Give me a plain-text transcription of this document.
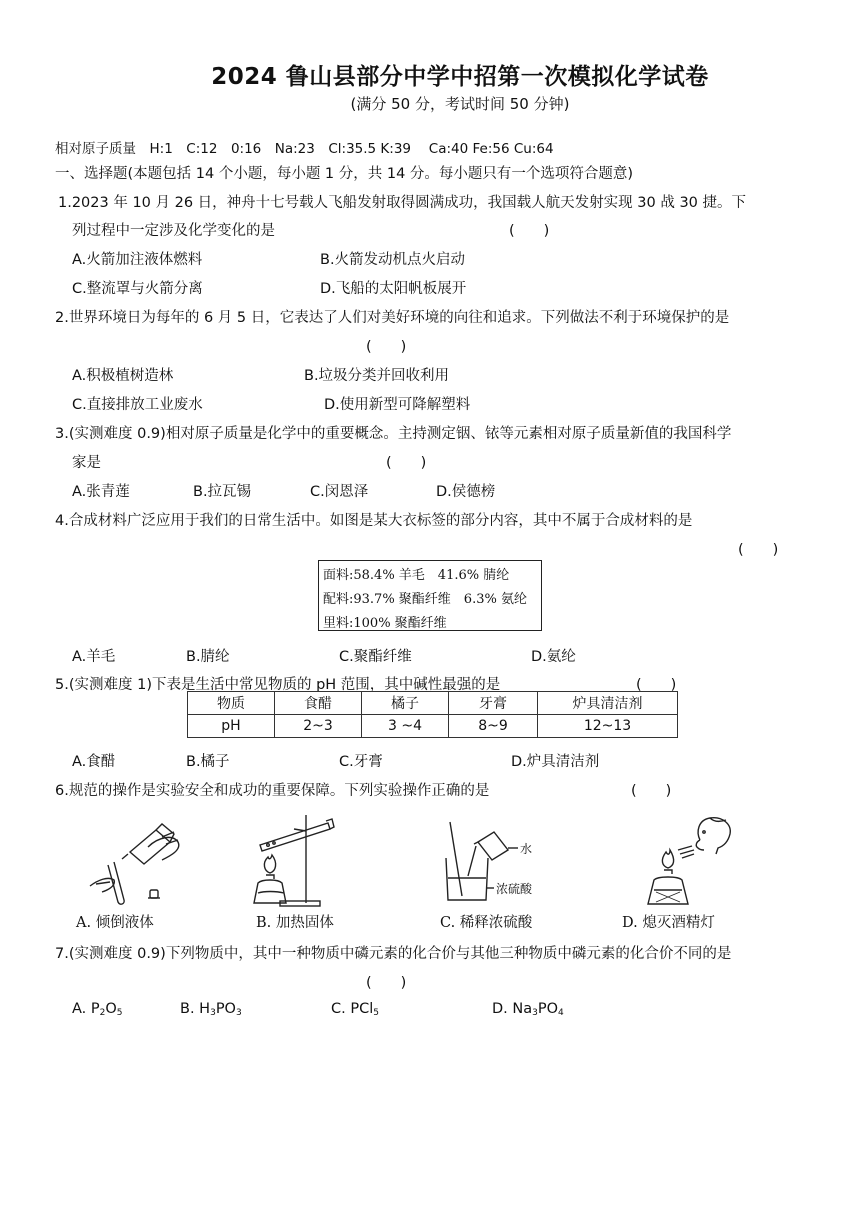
2024 鲁山县部分中学中招第一次模拟化学试卷
(满分 50 分，考试时间 50 分钟)
相对原子质量　H:1　C:12　0:16　Na:23　Cl:35.5 K:39　 Ca:40 Fe:56 Cu:64
一、选择题(本题包括 14 个小题，每小题 1 分，共 14 分。每小题只有一个选项符合题意)
1.2023 年 10 月 26 日，神舟十七号载人飞船发射取得圆满成功，我国载人航天发射实现 30 战 30 捷。下
列过程中一定涉及化学变化的是	(　　)
A.火箭加注液体燃料	B.火箭发动机点火启动
C.整流罩与火箭分离	D.飞船的太阳帆板展开
2.世界环境日为每年的 6 月 5 日，它表达了人们对美好环境的向往和追求。下列做法不利于环境保护的是
(　　)
A.积极植树造林	B.垃圾分类并回收利用
C.直接排放工业废水	D.使用新型可降解塑料
3.(实测难度 0.9)相对原子质量是化学中的重要概念。主持测定铟、铱等元素相对原子质量新值的我国科学
家是	(　　)
A.张青莲	B.拉瓦锡	C.闵恩泽	D.侯德榜
4.合成材料广泛应用于我们的日常生活中。如图是某大衣标签的部分内容，其中不属于合成材料的是
(　　)
面料:58.4% 羊毛　41.6% 腈纶
配料:93.7% 聚酯纤维　6.3% 氨纶
里料:100% 聚酯纤维
A.羊毛	B.腈纶	C.聚酯纤维	D.氨纶
5.(实测难度 1)下表是生活中常见物质的 pH 范围，其中碱性最强的是	(　　)
物质	食醋	橘子	牙膏	炉具清洁剂
pH	2~3	3 ~4	8~9	12~13
A.食醋	B.橘子	C.牙膏	D.炉具清洁剂
6.规范的操作是实验安全和成功的重要保障。下列实验操作正确的是	(　　)
A. 倾倒液体	B. 加热固体
水
浓硫酸
C. 稀释浓硫酸	D. 熄灭酒精灯
7.(实测难度 0.9)下列物质中，其中一种物质中磷元素的化合价与其他三种物质中磷元素的化合价不同的是
(　　)
A. $P_2O_5$	B. $H_3PO_3$	C. PCl$_5$	D. $Na_3PO_4$
